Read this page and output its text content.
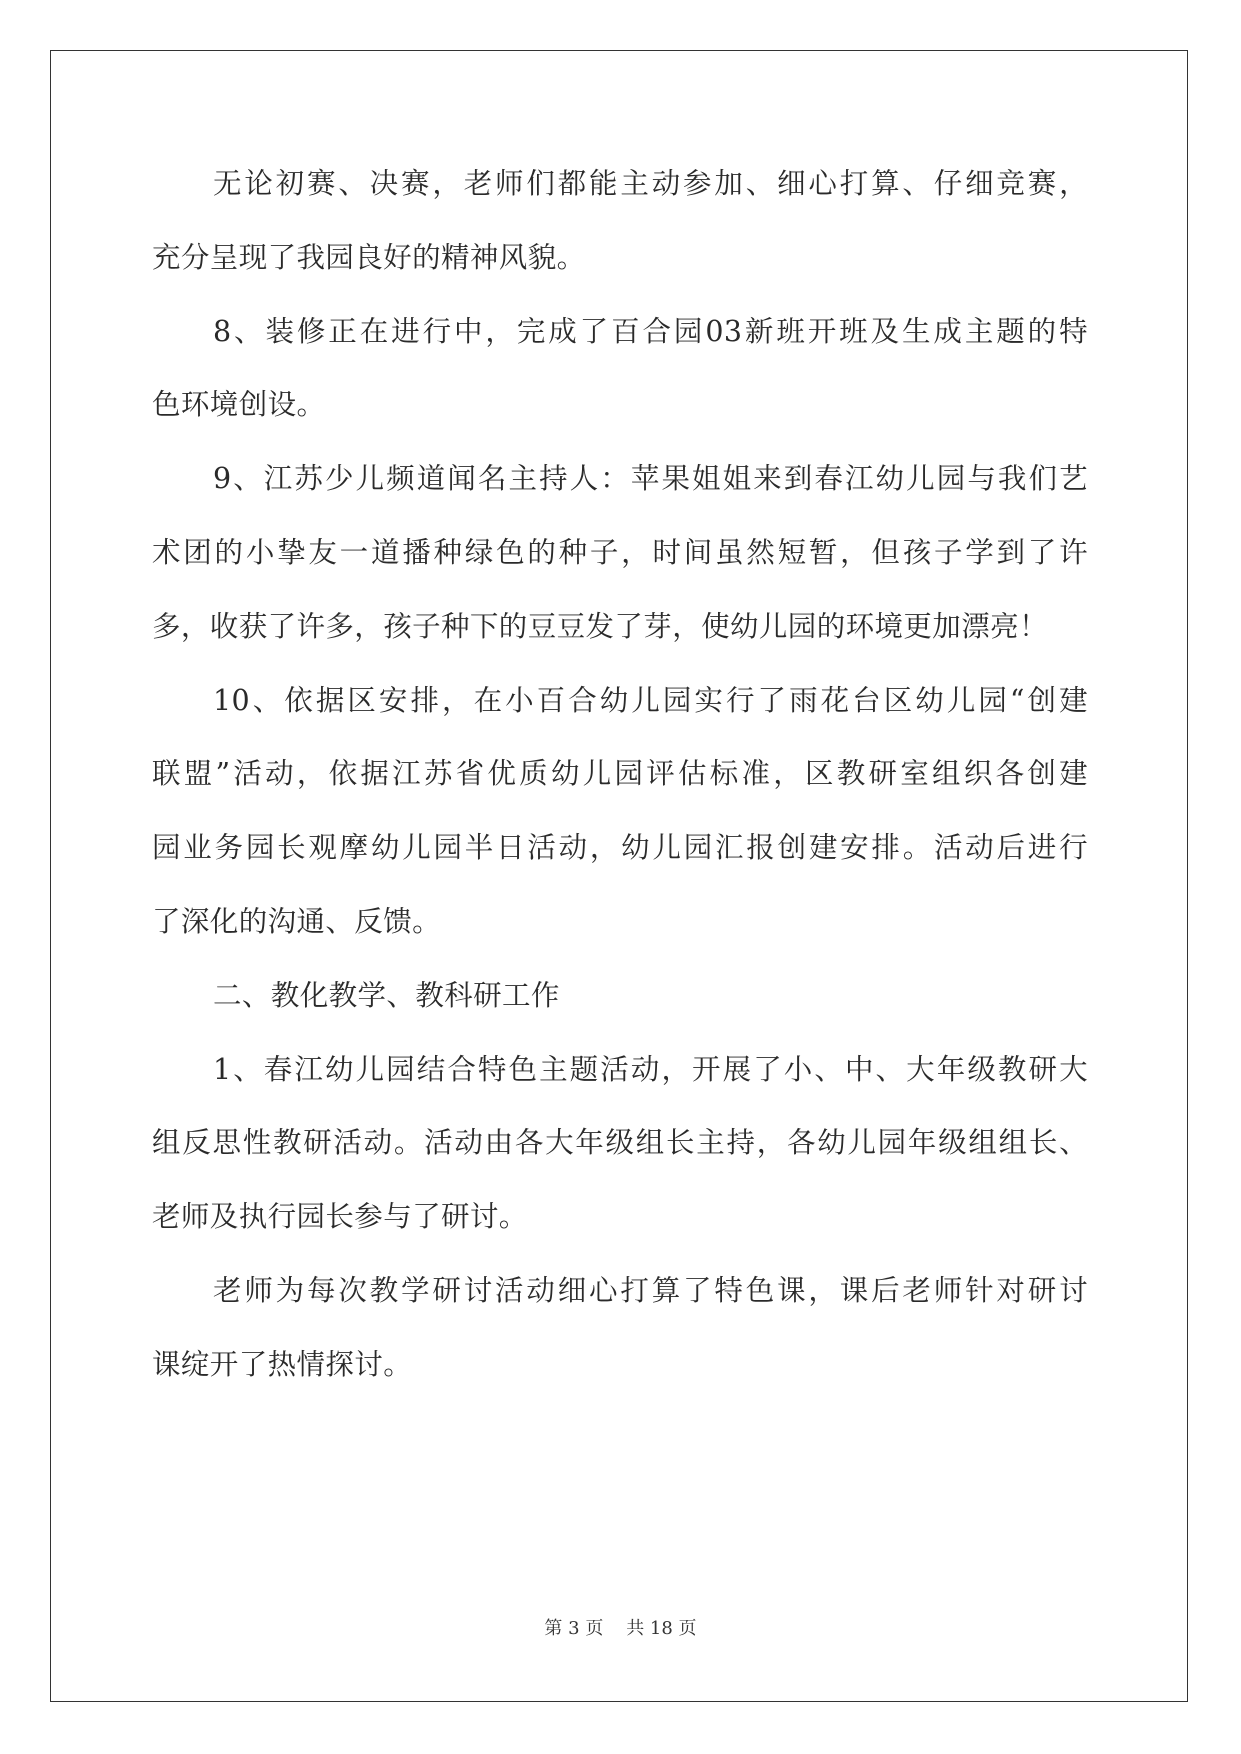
无论初赛、决赛，老师们都能主动参加、细心打算、仔细竞赛，
充分呈现了我园良好的精神风貌。
8、装修正在进行中，完成了百合园03新班开班及生成主题的特
色环境创设。
9、江苏少儿频道闻名主持人：苹果姐姐来到春江幼儿园与我们艺
术团的小挚友一道播种绿色的种子，时间虽然短暂，但孩子学到了许
多，收获了许多，孩子种下的豆豆发了芽，使幼儿园的环境更加漂亮！
10、依据区安排，在小百合幼儿园实行了雨花台区幼儿园“创建
联盟”活动，依据江苏省优质幼儿园评估标准，区教研室组织各创建
园业务园长观摩幼儿园半日活动，幼儿园汇报创建安排。活动后进行
了深化的沟通、反馈。
二、教化教学、教科研工作
1、春江幼儿园结合特色主题活动，开展了小、中、大年级教研大
组反思性教研活动。活动由各大年级组长主持，各幼儿园年级组组长、
老师及执行园长参与了研讨。
老师为每次教学研讨活动细心打算了特色课，课后老师针对研讨
课绽开了热情探讨。
第 3 页    共 18 页
